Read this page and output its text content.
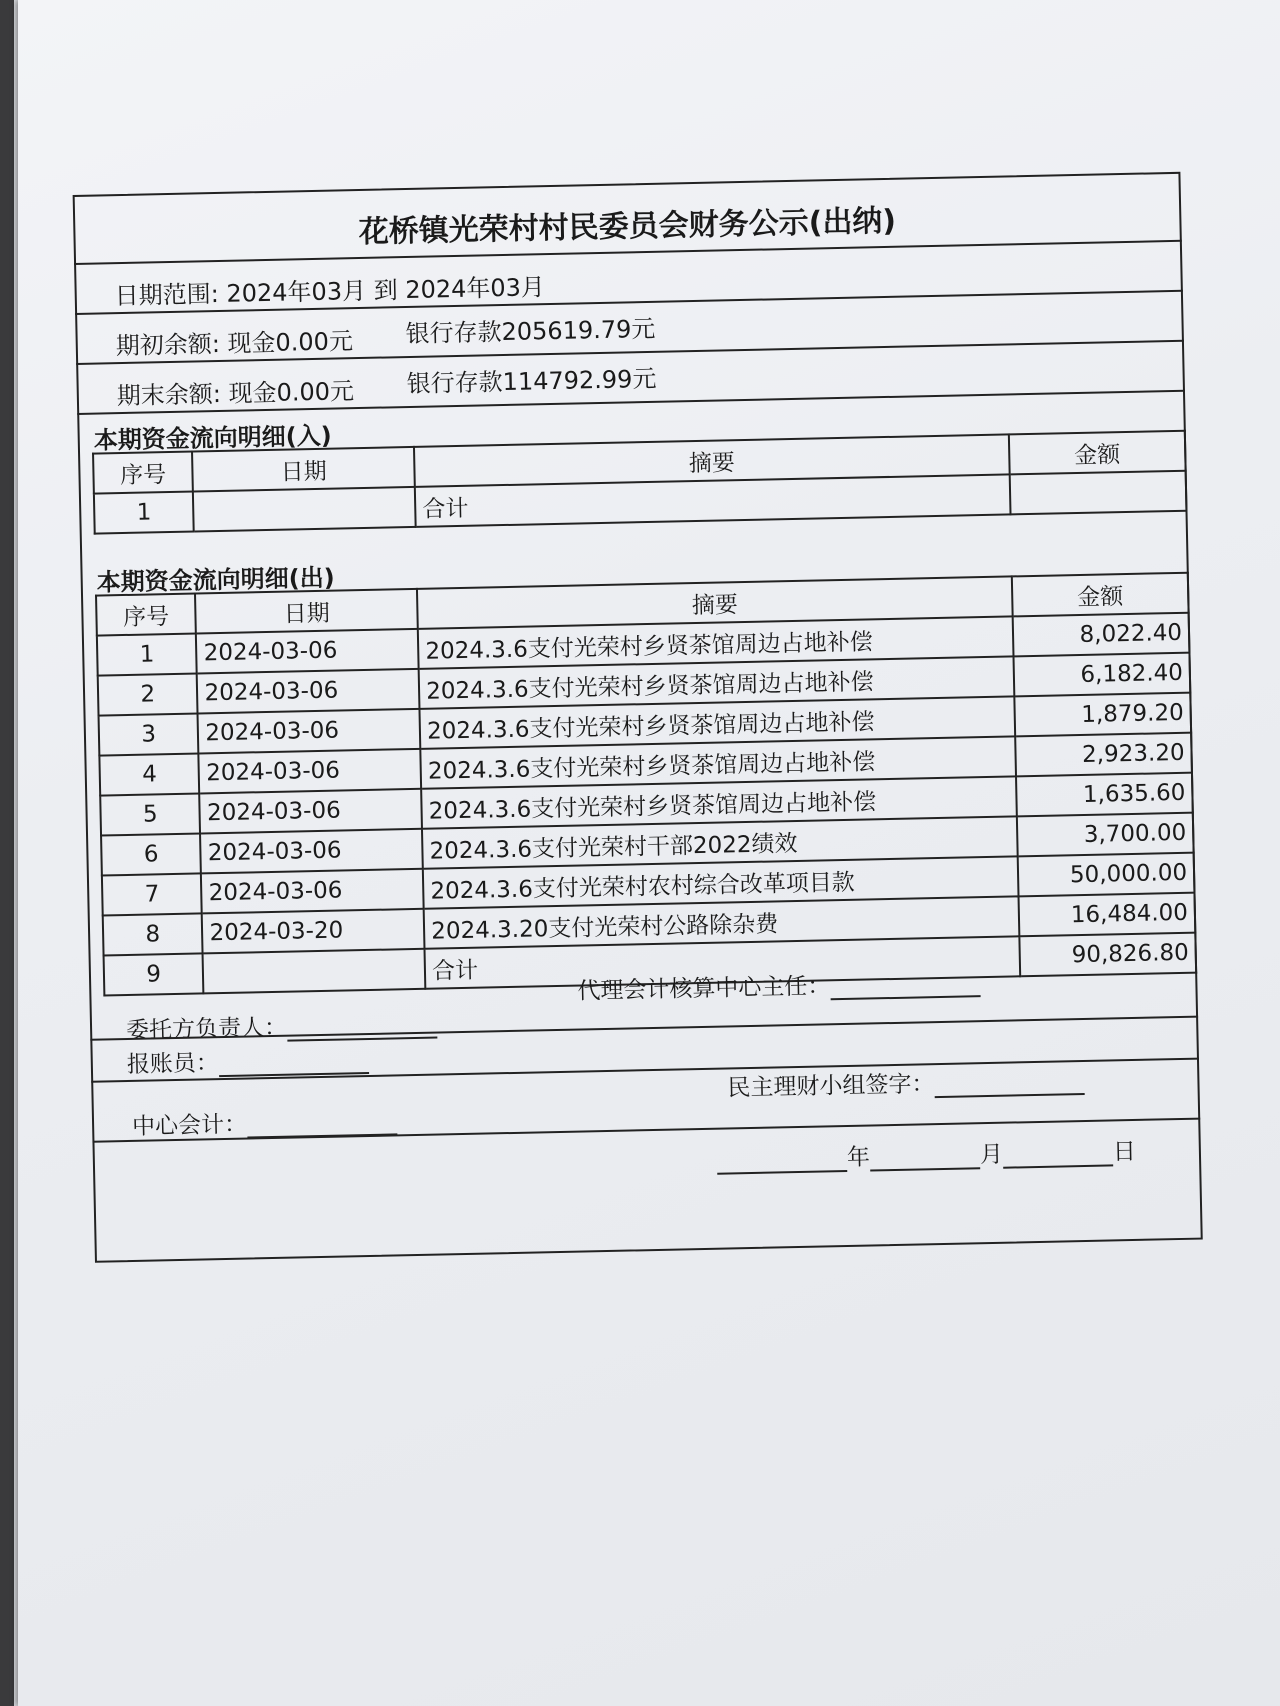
花桥镇光荣村村民委员会财务公示(出纳)
日期范围: 2024年03月 到 2024年03月
期初余额: 现金0.00元 银行存款205619.79元
期末余额: 现金0.00元 银行存款114792.99元
本期资金流向明细(入)
序号	日期	摘要	金额
1		合计	
本期资金流向明细(出)
序号	日期	摘要	金额
1	2024-03-06	2024.3.6支付光荣村乡贤茶馆周边占地补偿	8,022.40
2	2024-03-06	2024.3.6支付光荣村乡贤茶馆周边占地补偿	6,182.40
3	2024-03-06	2024.3.6支付光荣村乡贤茶馆周边占地补偿	1,879.20
4	2024-03-06	2024.3.6支付光荣村乡贤茶馆周边占地补偿	2,923.20
5	2024-03-06	2024.3.6支付光荣村乡贤茶馆周边占地补偿	1,635.60
6	2024-03-06	2024.3.6支付光荣村干部2022绩效	3,700.00
7	2024-03-06	2024.3.6支付光荣村农村综合改革项目款	50,000.00
8	2024-03-20	2024.3.20支付光荣村公路除杂费	16,484.00
9		合计	90,826.80
委托方负责人：
代理会计核算中心主任：
报账员：
民主理财小组签字：
中心会计：
年	月	日
